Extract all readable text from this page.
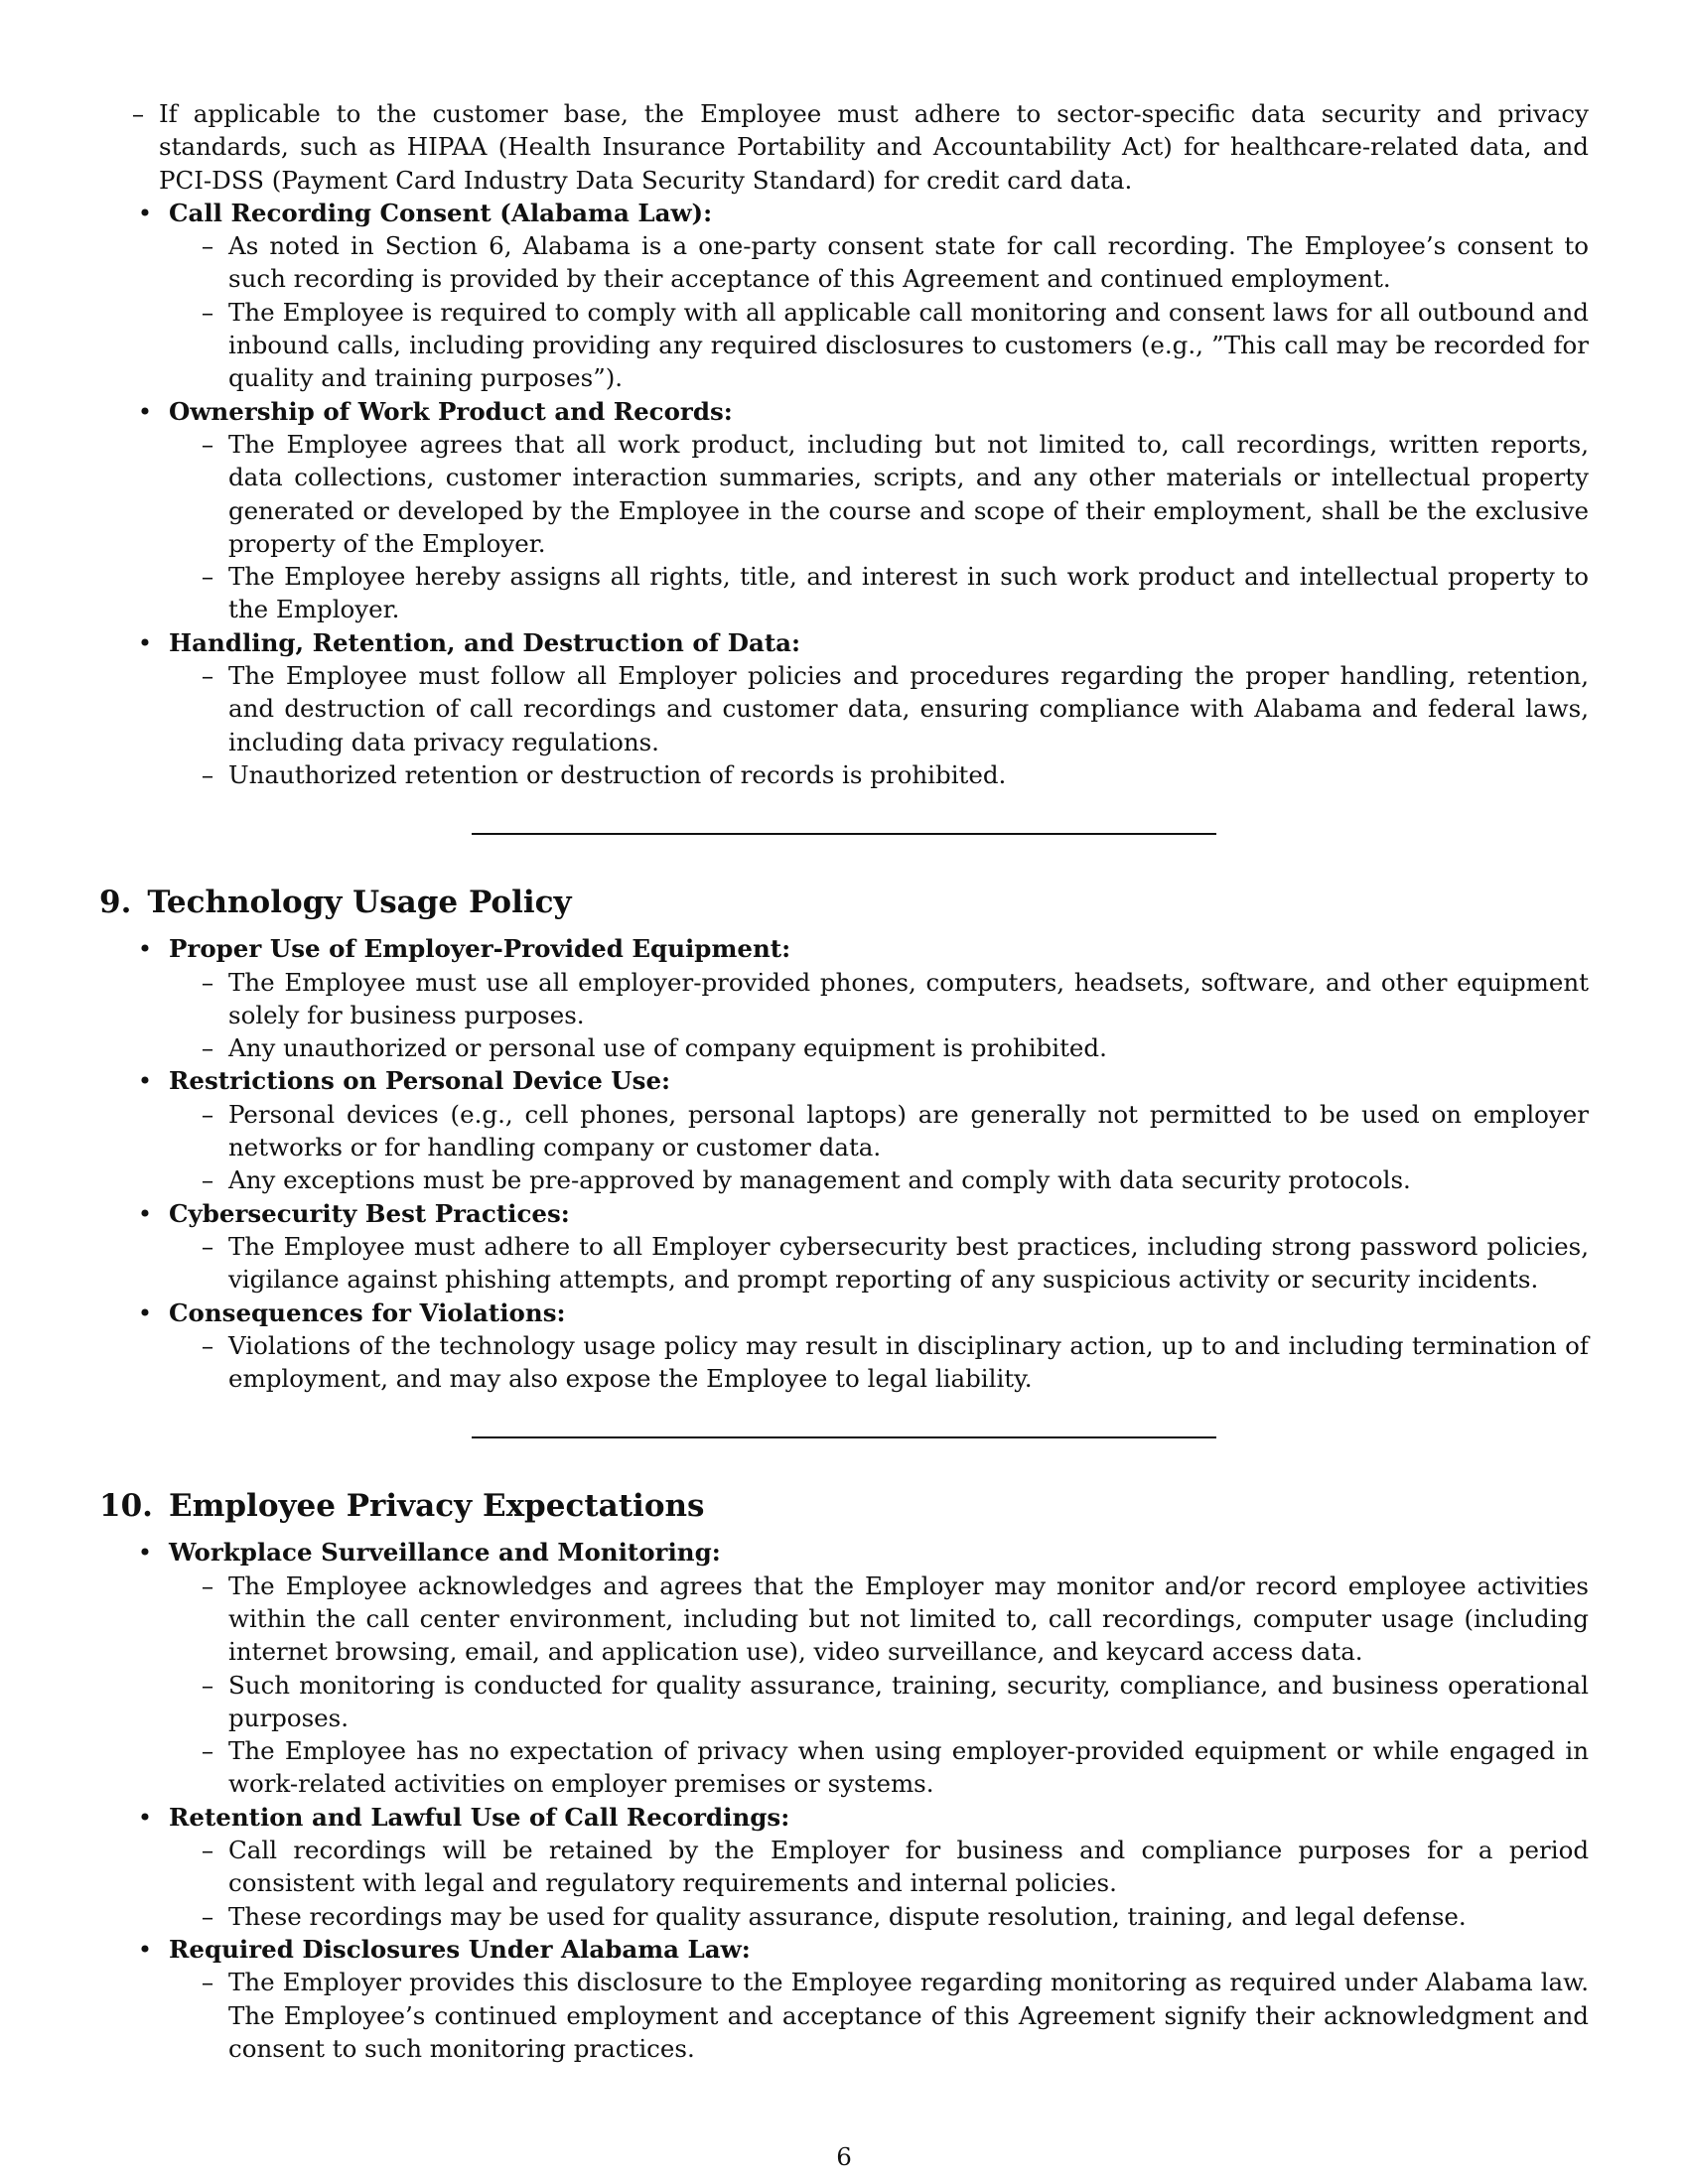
– If applicable to the customer base, the Employee must adhere to sector-specific data security and privacy standards, such as HIPAA (Health Insurance Portability and Accountability Act) for healthcare-related data, and PCI-DSS (Payment Card Industry Data Security Standard) for credit card data.
• Call Recording Consent (Alabama Law):
– As noted in Section 6, Alabama is a one-party consent state for call recording. The Employee’s consent to such recording is provided by their acceptance of this Agreement and continued employment.
– The Employee is required to comply with all applicable call monitoring and consent laws for all outbound and inbound calls, including providing any required disclosures to customers (e.g., ”This call may be recorded for quality and training purposes”).
• Ownership of Work Product and Records:
– The Employee agrees that all work product, including but not limited to, call recordings, written reports, data collections, customer interaction summaries, scripts, and any other materials or intellectual property generated or developed by the Employee in the course and scope of their employment, shall be the exclusive property of the Employer.
– The Employee hereby assigns all rights, title, and interest in such work product and intellectual property to the Employer.
• Handling, Retention, and Destruction of Data:
– The Employee must follow all Employer policies and procedures regarding the proper handling, retention, and destruction of call recordings and customer data, ensuring compliance with Alabama and federal laws, including data privacy regulations.
– Unauthorized retention or destruction of records is prohibited.
9. Technology Usage Policy
• Proper Use of Employer-Provided Equipment:
– The Employee must use all employer-provided phones, computers, headsets, software, and other equipment solely for business purposes.
– Any unauthorized or personal use of company equipment is prohibited.
• Restrictions on Personal Device Use:
– Personal devices (e.g., cell phones, personal laptops) are generally not permitted to be used on employer networks or for handling company or customer data.
– Any exceptions must be pre-approved by management and comply with data security protocols.
• Cybersecurity Best Practices:
– The Employee must adhere to all Employer cybersecurity best practices, including strong password policies, vigilance against phishing attempts, and prompt reporting of any suspicious activity or security incidents.
• Consequences for Violations:
– Violations of the technology usage policy may result in disciplinary action, up to and including termination of employment, and may also expose the Employee to legal liability.
10. Employee Privacy Expectations
• Workplace Surveillance and Monitoring:
– The Employee acknowledges and agrees that the Employer may monitor and/or record employee activities within the call center environment, including but not limited to, call recordings, computer usage (including internet browsing, email, and application use), video surveillance, and keycard access data.
– Such monitoring is conducted for quality assurance, training, security, compliance, and business operational purposes.
– The Employee has no expectation of privacy when using employer-provided equipment or while engaged in work-related activities on employer premises or systems.
• Retention and Lawful Use of Call Recordings:
– Call recordings will be retained by the Employer for business and compliance purposes for a period consistent with legal and regulatory requirements and internal policies.
– These recordings may be used for quality assurance, dispute resolution, training, and legal defense.
• Required Disclosures Under Alabama Law:
– The Employer provides this disclosure to the Employee regarding monitoring as required under Alabama law. The Employee’s continued employment and acceptance of this Agreement signify their acknowledgment and consent to such monitoring practices.
6
